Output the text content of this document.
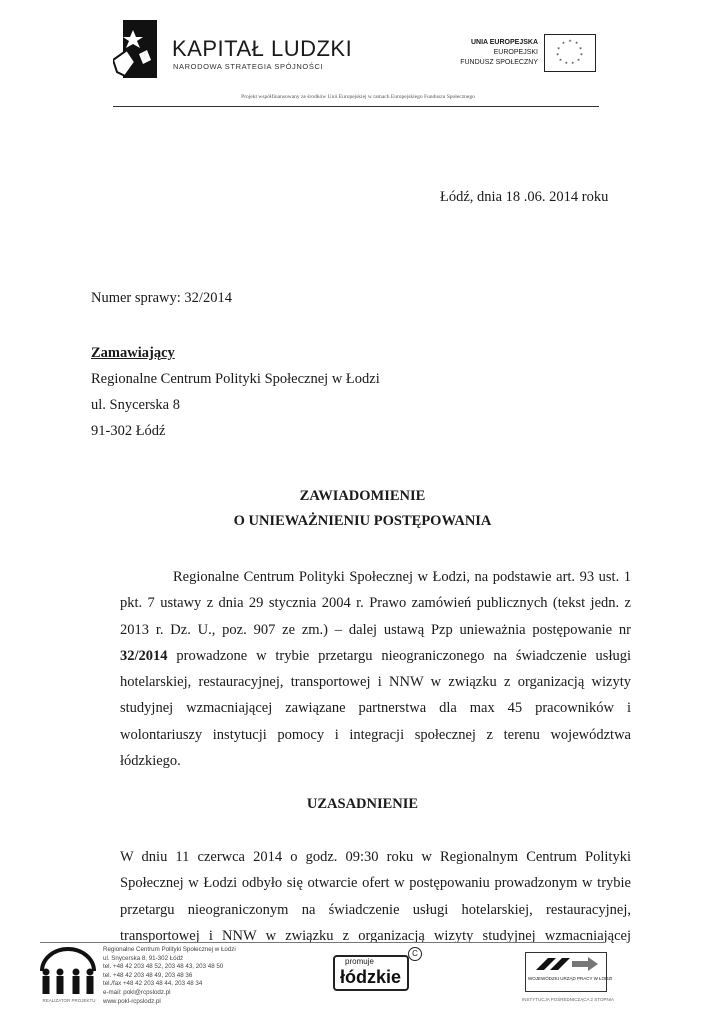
KAPITAŁ LUDZKI
NARODOWA STRATEGIA SPÓJNOŚCI
UNIA EUROPEJSKA
EUROPEJSKI
FUNDUSZ SPOŁECZNY
* *
*
*
*
*
*
*
*
*
*
Projekt współfinansowany ze środków Unii Europejskiej w ramach Europejskiego Funduszu Społecznego
Łódź, dnia 18 .06. 2014 roku
Numer sprawy: 32/2014
Zamawiający
Regionalne Centrum Polityki Społecznej w Łodzi
ul. Snycerska 8
91-302 Łódź
ZAWIADOMIENIE
O UNIEWAŻNIENIU POSTĘPOWANIA
Regionalne Centrum Polityki Społecznej w Łodzi, na podstawie art. 93 ust. 1
pkt. 7 ustawy z dnia 29 stycznia 2004 r. Prawo zamówień publicznych (tekst jedn. z
2013 r. Dz. U., poz. 907 ze zm.) – dalej ustawą Pzp unieważnia postępowanie nr
32/2014 prowadzone w trybie przetargu nieograniczonego na świadczenie usługi
hotelarskiej, restauracyjnej, transportowej i NNW w związku z organizacją wizyty
studyjnej wzmacniającej zawiązane partnerstwa dla max 45 pracowników i
wolontariuszy instytucji pomocy i integracji społecznej z terenu województwa
łódzkiego.
UZASADNIENIE
W dniu 11 czerwca 2014 o godz. 09:30 roku w Regionalnym Centrum Polityki
Społecznej w Łodzi odbyło się otwarcie ofert w postępowaniu prowadzonym w trybie
przetargu nieograniczonym na świadczenie usługi hotelarskiej, restauracyjnej,
transportowej i NNW w związku z organizacją wizyty studyjnej wzmacniającej
REALIZATOR PROJEKTU
Regionalne Centrum Polityki Społecznej w Łodzi
ul. Snycerska 8, 91-302 Łódź
tel. +48 42 203 48 52, 203 48 43, 203 48 50
tel. +48 42 203 48 49, 203 48 36
tel./fax +48 42 203 48 44, 203 48 34
e-mail: pokl@rcpslodz.pl
www.pokl-rcpslodz.pl
promuje
łódzkie
C
WOJEWÓDZKI URZĄD PRACY W ŁODZI
INSTYTUCJA POŚREDNICZĄCA 2 STOPNIA
